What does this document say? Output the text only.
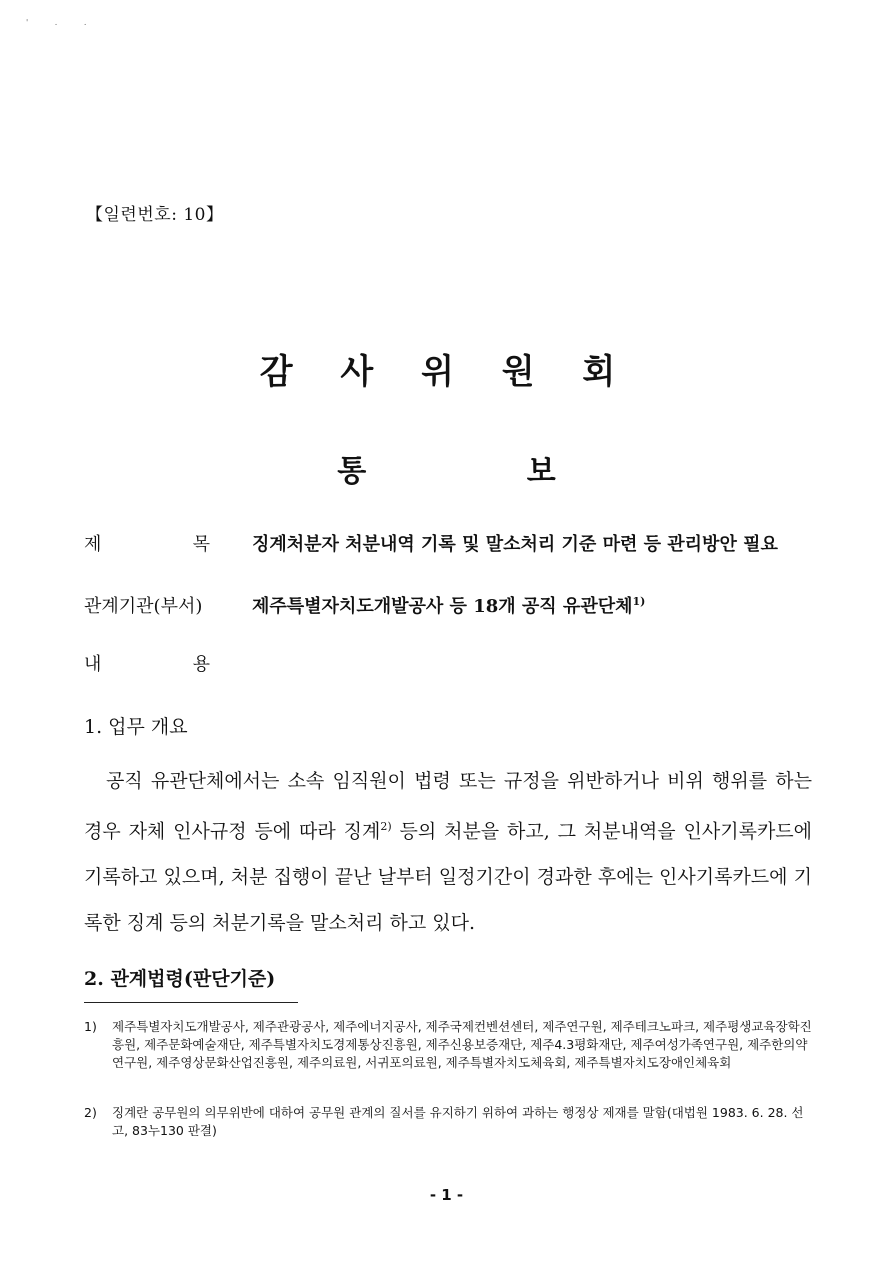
' . .
【일련번호: 10】
감 사 위 원 회
통 보
제	목 징계처분자 처분내역 기록 및 말소처리 기준 마련 등 관리방안 필요
관계기관(부서)	제주특별자치도개발공사 등 18개 공직 유관단체$^{1)}$
내	용
1. 업무 개요
공직 유관단체에서는 소속 임직원이 법령 또는 규정을 위반하거나 비위 행위를 하는 경우 자체 인사규정 등에 따라 징계$^{2)}$ 등의 처분을 하고, 그 처분내역을 인사기록카드에 기록하고 있으며, 처분 집행이 끝난 날부터 일정기간이 경과한 후에는 인사기록카드에 기록한 징계 등의 처분기록을 말소처리 하고 있다.
2. 관계법령(판단기준)
1) 제주특별자치도개발공사, 제주관광공사, 제주에너지공사, 제주국제컨벤션센터, 제주연구원, 제주테크노파크, 제주평생교육장학진흥원, 제주문화예술재단, 제주특별자치도경제통상진흥원, 제주신용보증재단, 제주4.3평화재단, 제주여성가족연구원, 제주한의약연구원, 제주영상문화산업진흥원, 제주의료원, 서귀포의료원, 제주특별자치도체육회, 제주특별자치도장애인체육회
2) 징계란 공무원의 의무위반에 대하여 공무원 관계의 질서를 유지하기 위하여 과하는 행정상 제재를 말함(대법원 1983. 6. 28. 선고, 83누130 판결)
- 1 -
